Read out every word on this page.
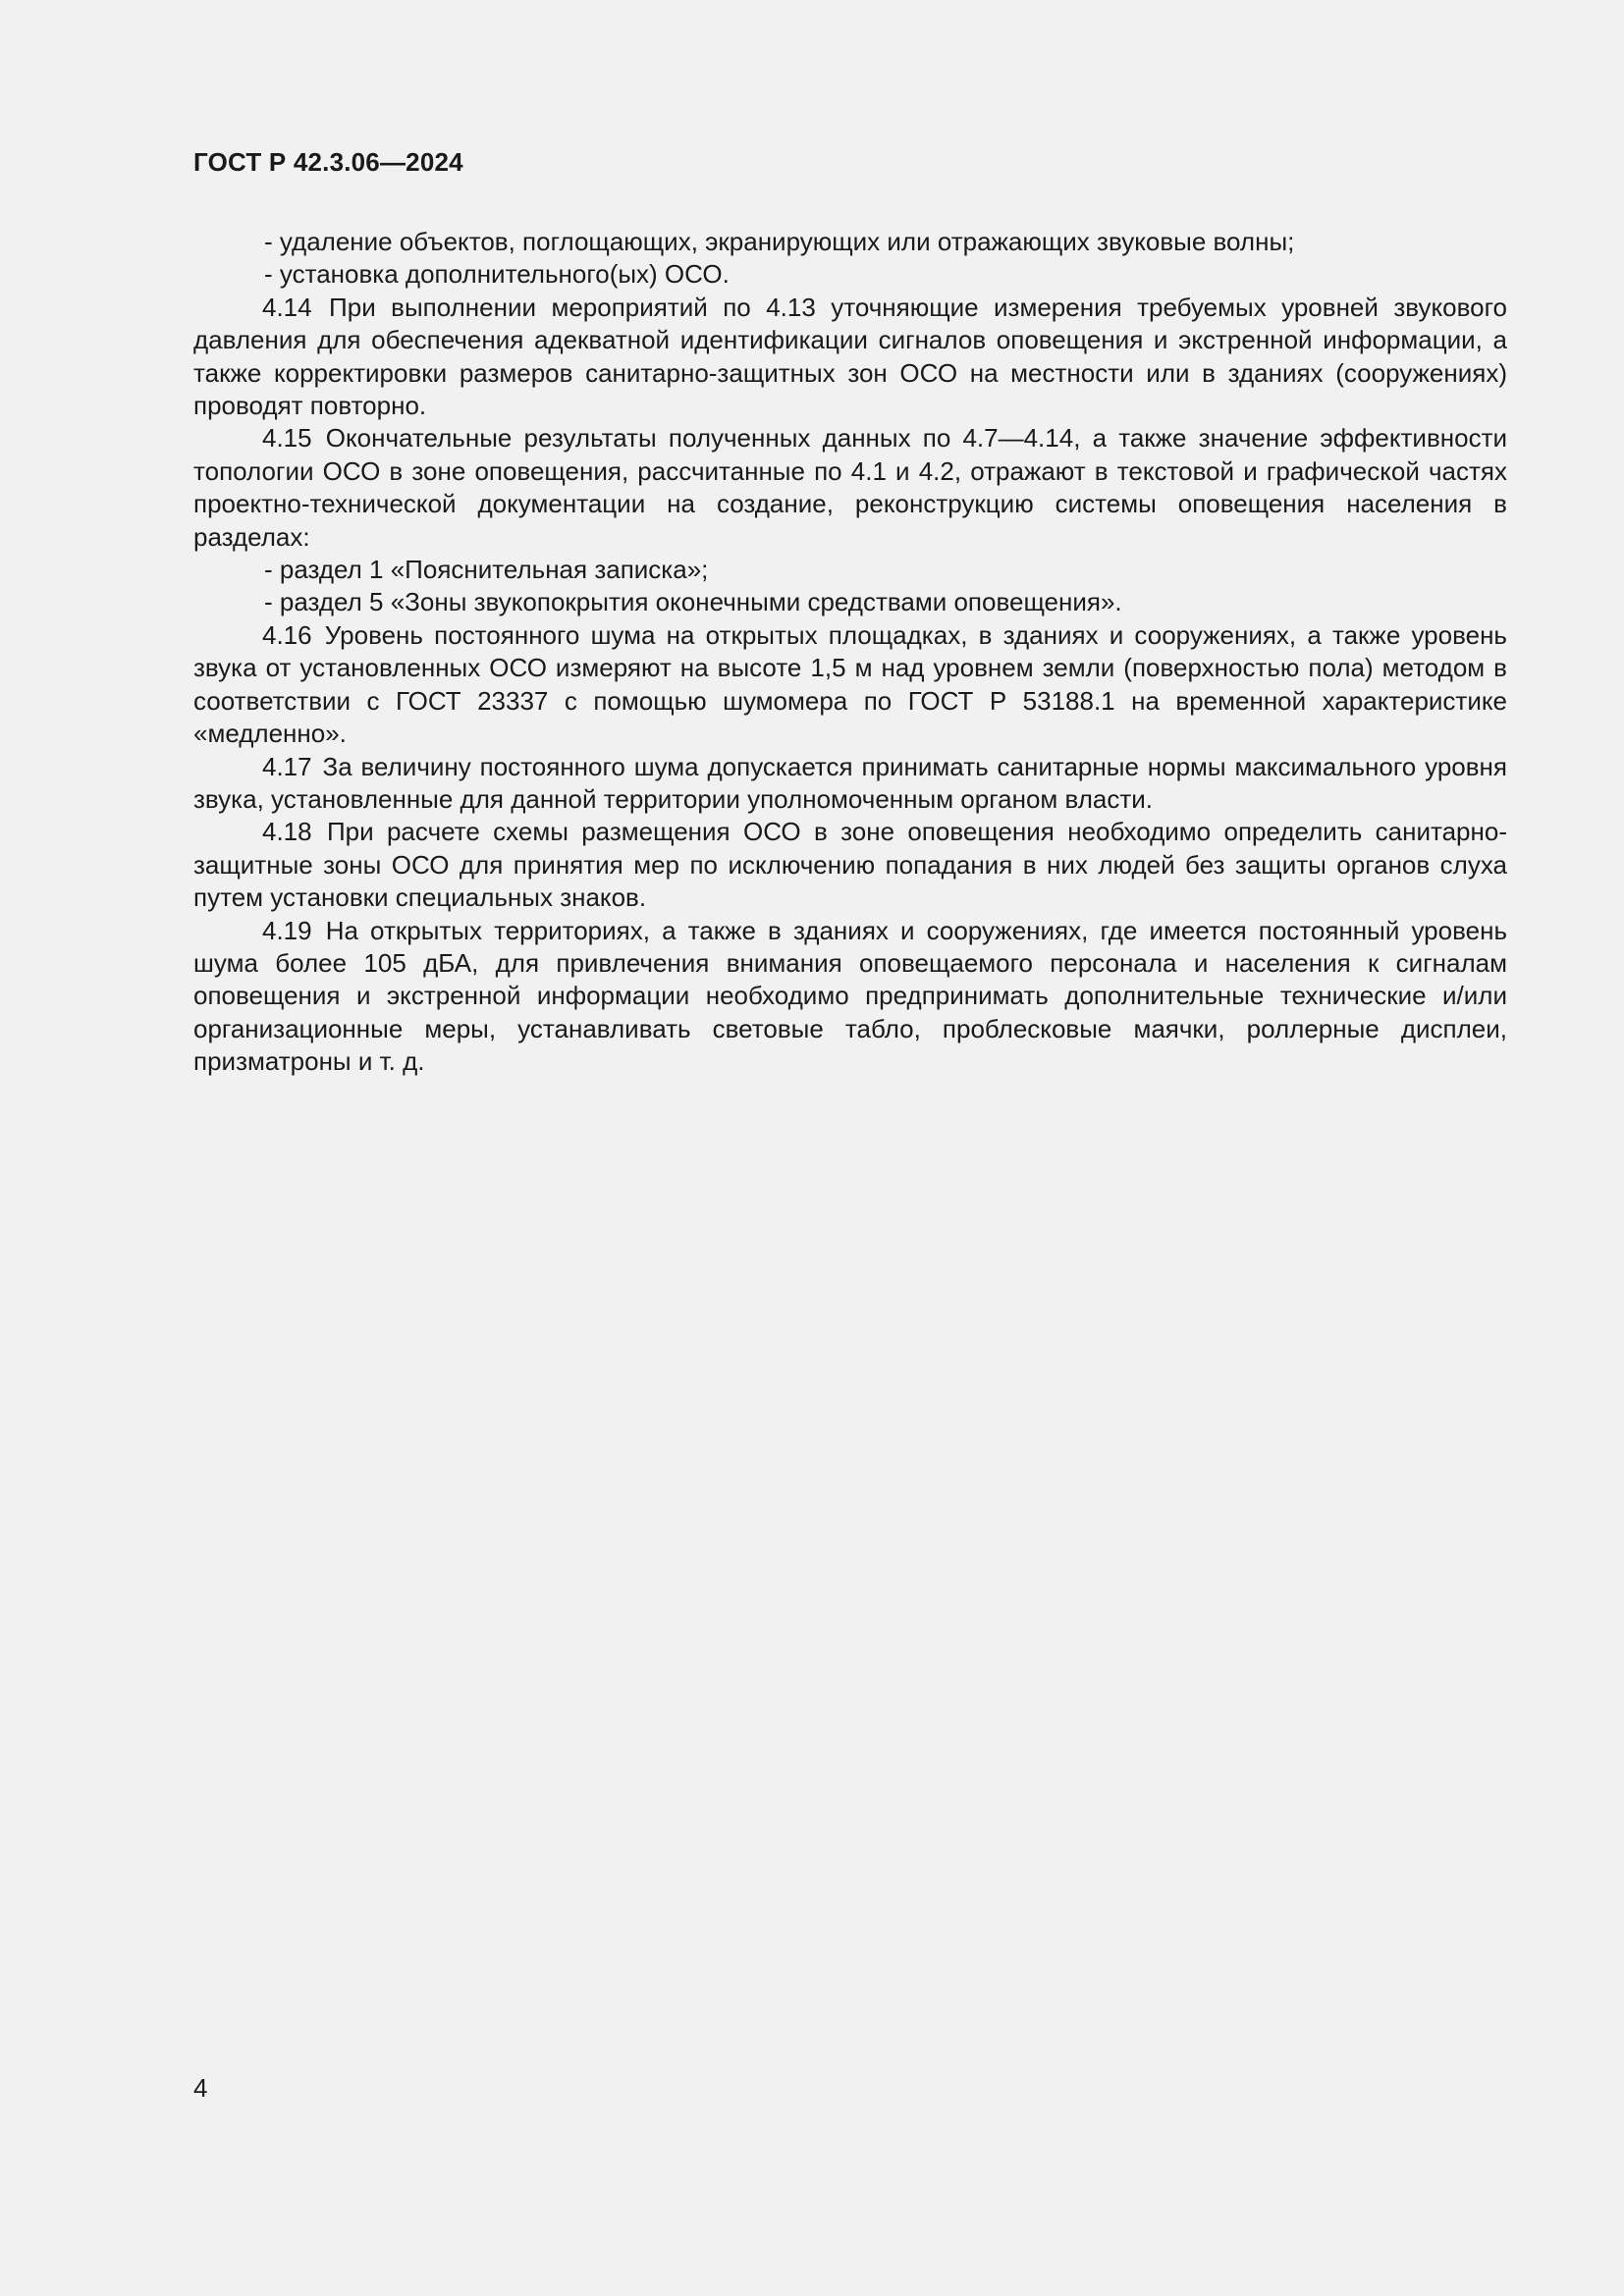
ГОСТ Р 42.3.06—2024

- удаление объектов, поглощающих, экранирующих или отражающих звуковые волны;

- установка дополнительного(ых) ОСО.

4.14 При выполнении мероприятий по 4.13 уточняющие измерения требуемых уровней звукового давления для обеспечения адекватной идентификации сигналов оповещения и экстренной информации, а также корректировки размеров санитарно-защитных зон ОСО на местности или в зданиях (сооружениях) проводят повторно.

4.15 Окончательные результаты полученных данных по 4.7—4.14, а также значение эффективности топологии ОСО в зоне оповещения, рассчитанные по 4.1 и 4.2, отражают в текстовой и графической частях проектно-технической документации на создание, реконструкцию системы оповещения населения в разделах:

- раздел 1 «Пояснительная записка»;

- раздел 5 «Зоны звукопокрытия оконечными средствами оповещения».

4.16 Уровень постоянного шума на открытых площадках, в зданиях и сооружениях, а также уровень звука от установленных ОСО измеряют на высоте 1,5 м над уровнем земли (поверхностью пола) методом в соответствии с ГОСТ 23337 с помощью шумомера по ГОСТ Р 53188.1 на временной характеристике «медленно».

4.17 За величину постоянного шума допускается принимать санитарные нормы максимального уровня звука, установленные для данной территории уполномоченным органом власти.

4.18 При расчете схемы размещения ОСО в зоне оповещения необходимо определить санитарно-защитные зоны ОСО для принятия мер по исключению попадания в них людей без защиты органов слуха путем установки специальных знаков.

4.19 На открытых территориях, а также в зданиях и сооружениях, где имеется постоянный уровень шума более 105 дБА, для привлечения внимания оповещаемого персонала и населения к сигналам оповещения и экстренной информации необходимо предпринимать дополнительные технические и/или организационные меры, устанавливать световые табло, проблесковые маячки, роллерные дисплеи, призматроны и т. д.

4
